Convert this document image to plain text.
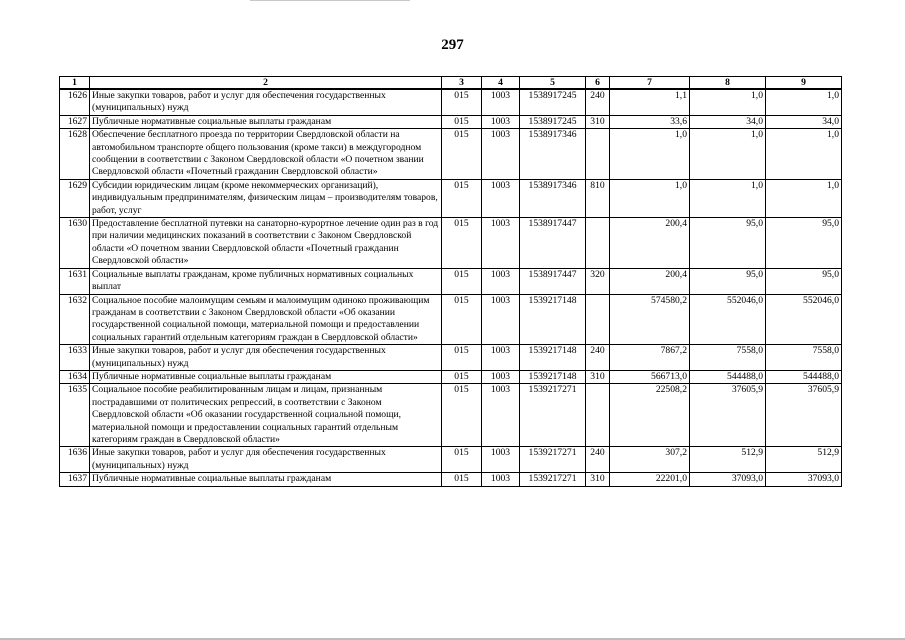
297
1	2	3	4	5	6	7	8	9
1626	Иные закупки товаров, работ и услуг для обеспечения государственных (муниципальных) нужд	015	1003	1538917245	240	1,1	1,0	1,0
1627	Публичные нормативные социальные выплаты гражданам	015	1003	1538917245	310	33,6	34,0	34,0
1628	Обеспечение бесплатного проезда по территории Свердловской области на автомобильном транспорте общего пользования (кроме такси) в междугородном сообщении в соответствии с Законом Свердловской области «О почетном звании Свердловской области «Почетный гражданин Свердловской области»	015	1003	1538917346		1,0	1,0	1,0
1629	Субсидии юридическим лицам (кроме некоммерческих организаций), индивидуальным предпринимателям, физическим лицам – производителям товаров, работ, услуг	015	1003	1538917346	810	1,0	1,0	1,0
1630	Предоставление бесплатной путевки на санаторно-курортное лечение один раз в год при наличии медицинских показаний в соответствии с Законом Свердловской области «О почетном звании Свердловской области «Почетный гражданин Свердловской области»	015	1003	1538917447		200,4	95,0	95,0
1631	Социальные выплаты гражданам, кроме публичных нормативных социальных выплат	015	1003	1538917447	320	200,4	95,0	95,0
1632	Социальное пособие малоимущим семьям и малоимущим одиноко проживающим гражданам в соответствии с Законом Свердловской области «Об оказании государственной социальной помощи, материальной помощи и предоставлении социальных гарантий отдельным категориям граждан в Свердловской области»	015	1003	1539217148		574580,2	552046,0	552046,0
1633	Иные закупки товаров, работ и услуг для обеспечения государственных (муниципальных) нужд	015	1003	1539217148	240	7867,2	7558,0	7558,0
1634	Публичные нормативные социальные выплаты гражданам	015	1003	1539217148	310	566713,0	544488,0	544488,0
1635	Социальное пособие реабилитированным лицам и лицам, признанным пострадавшими от политических репрессий, в соответствии с Законом Свердловской области «Об оказании государственной социальной помощи, материальной помощи и предоставлении социальных гарантий отдельным категориям граждан в Свердловской области»	015	1003	1539217271		22508,2	37605,9	37605,9
1636	Иные закупки товаров, работ и услуг для обеспечения государственных (муниципальных) нужд	015	1003	1539217271	240	307,2	512,9	512,9
1637	Публичные нормативные социальные выплаты гражданам	015	1003	1539217271	310	22201,0	37093,0	37093,0
